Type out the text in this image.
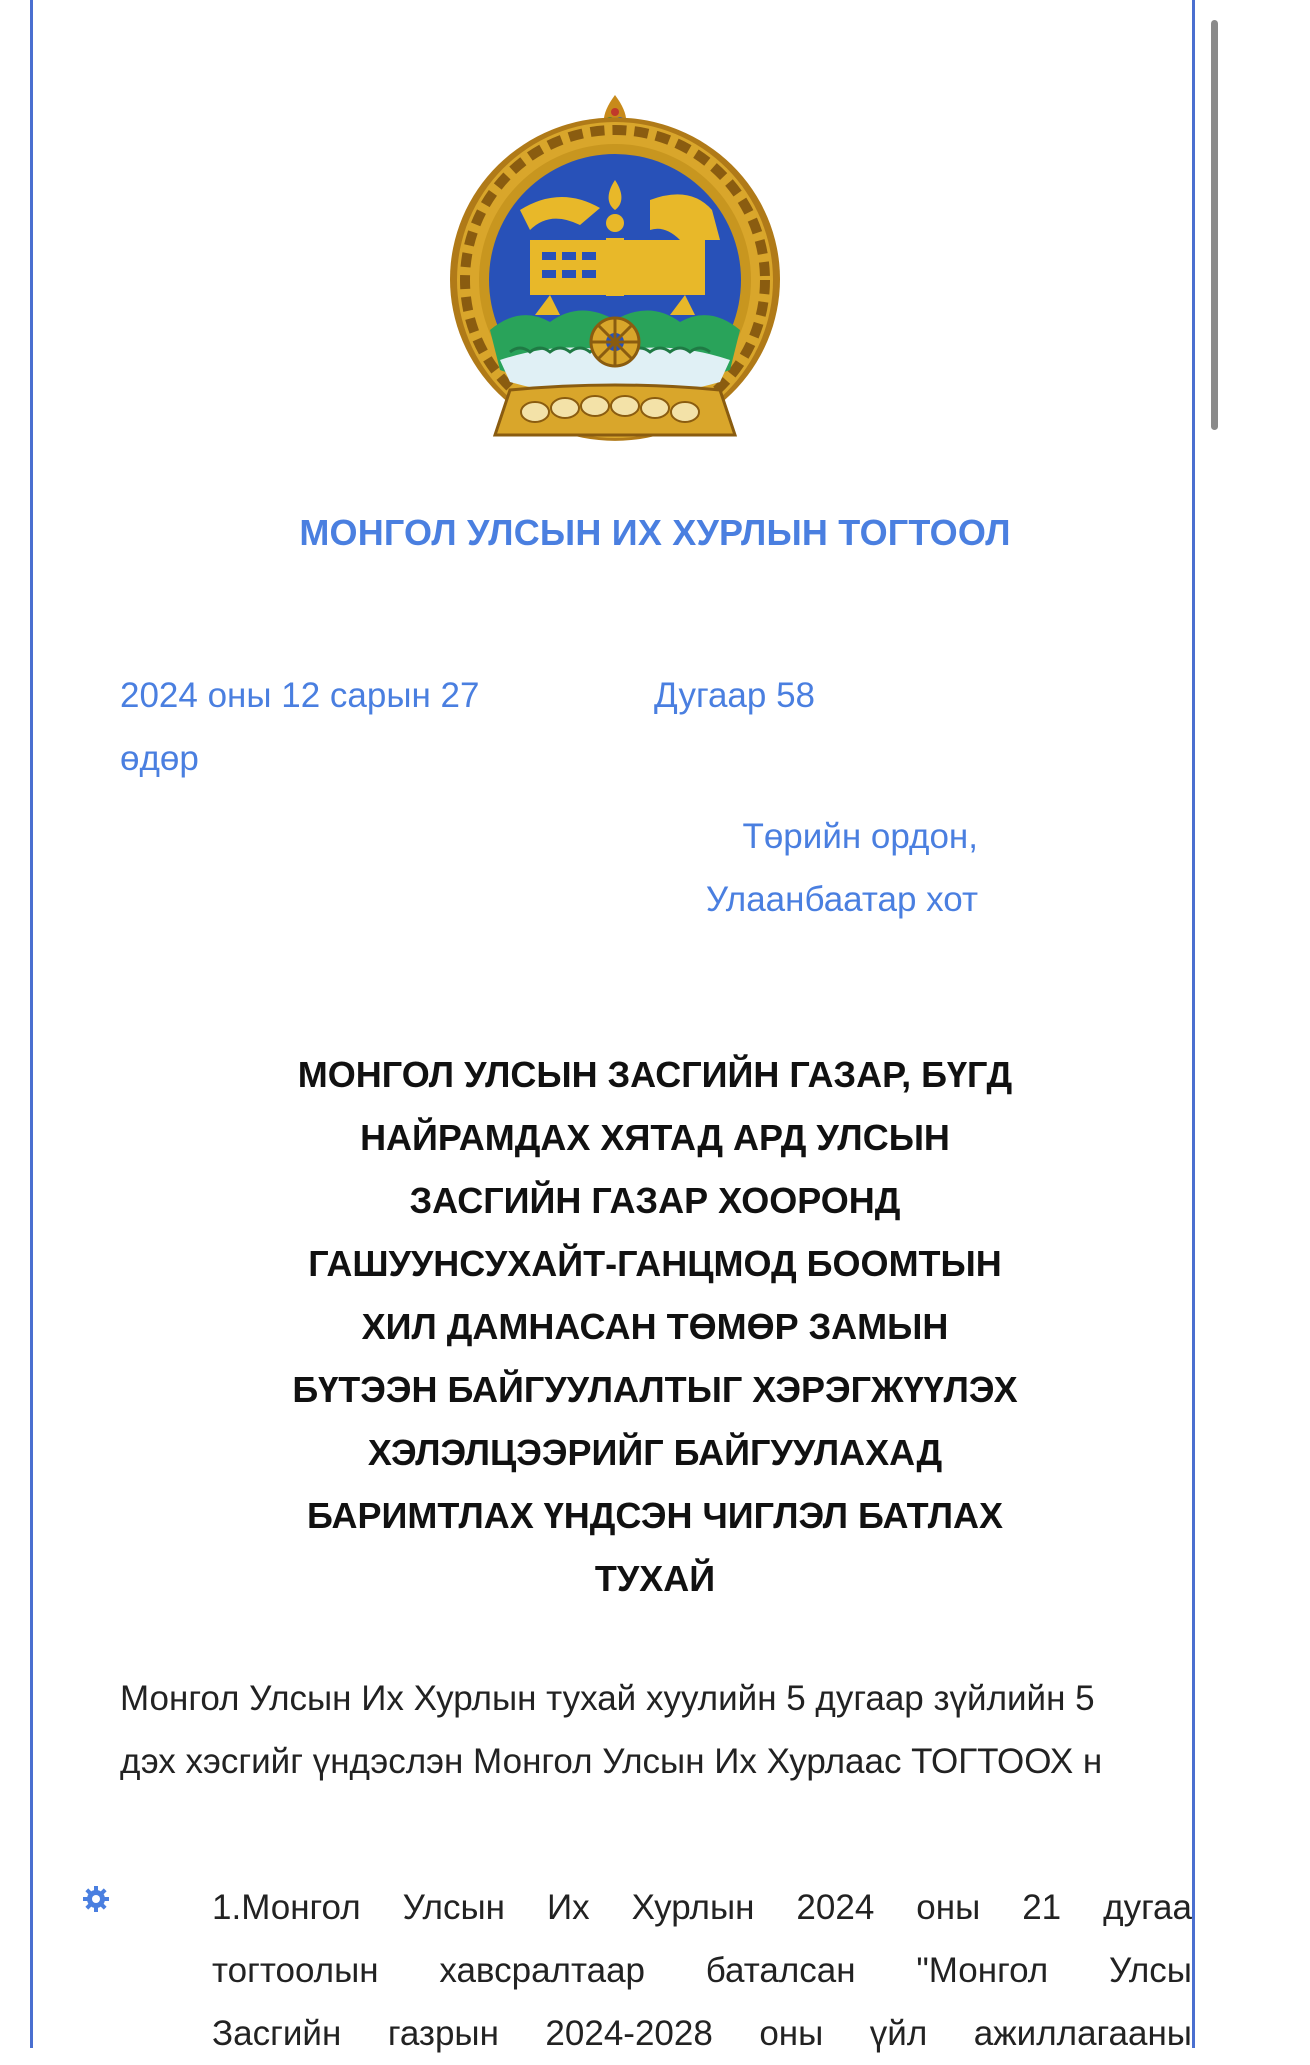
МОНГОЛ УЛСЫН ИХ ХУРЛЫН ТОГТООЛ
2024 оны 12 сарын 27
өдөр
Дугаар 58
Төрийн ордон,
Улаанбаатар хот
МОНГОЛ УЛСЫН ЗАСГИЙН ГАЗАР, БҮГД
НАЙРАМДАХ ХЯТАД АРД УЛСЫН
ЗАСГИЙН ГАЗАР ХООРОНД
ГАШУУНСУХАЙТ-ГАНЦМОД БООМТЫН
ХИЛ ДАМНАСАН ТӨМӨР ЗАМЫН
БҮТЭЭН БАЙГУУЛАЛТЫГ ХЭРЭГЖҮҮЛЭХ
ХЭЛЭЛЦЭЭРИЙГ БАЙГУУЛАХАД
БАРИМТЛАХ ҮНДСЭН ЧИГЛЭЛ БАТЛАХ
ТУХАЙ
Монгол Улсын Их Хурлын тухай хуулийн 5 дугаар зүйлийн 5
дэх хэсгийг үндэслэн Монгол Улсын Их Хурлаас ТОГТООХ н
1.Монгол Улсын Их Хурлын 2024 оны 21 дугаа
тогтоолын хавсралтаар баталсан "Монгол Улсы
Засгийн газрын 2024-2028 оны үйл ажиллагааны
